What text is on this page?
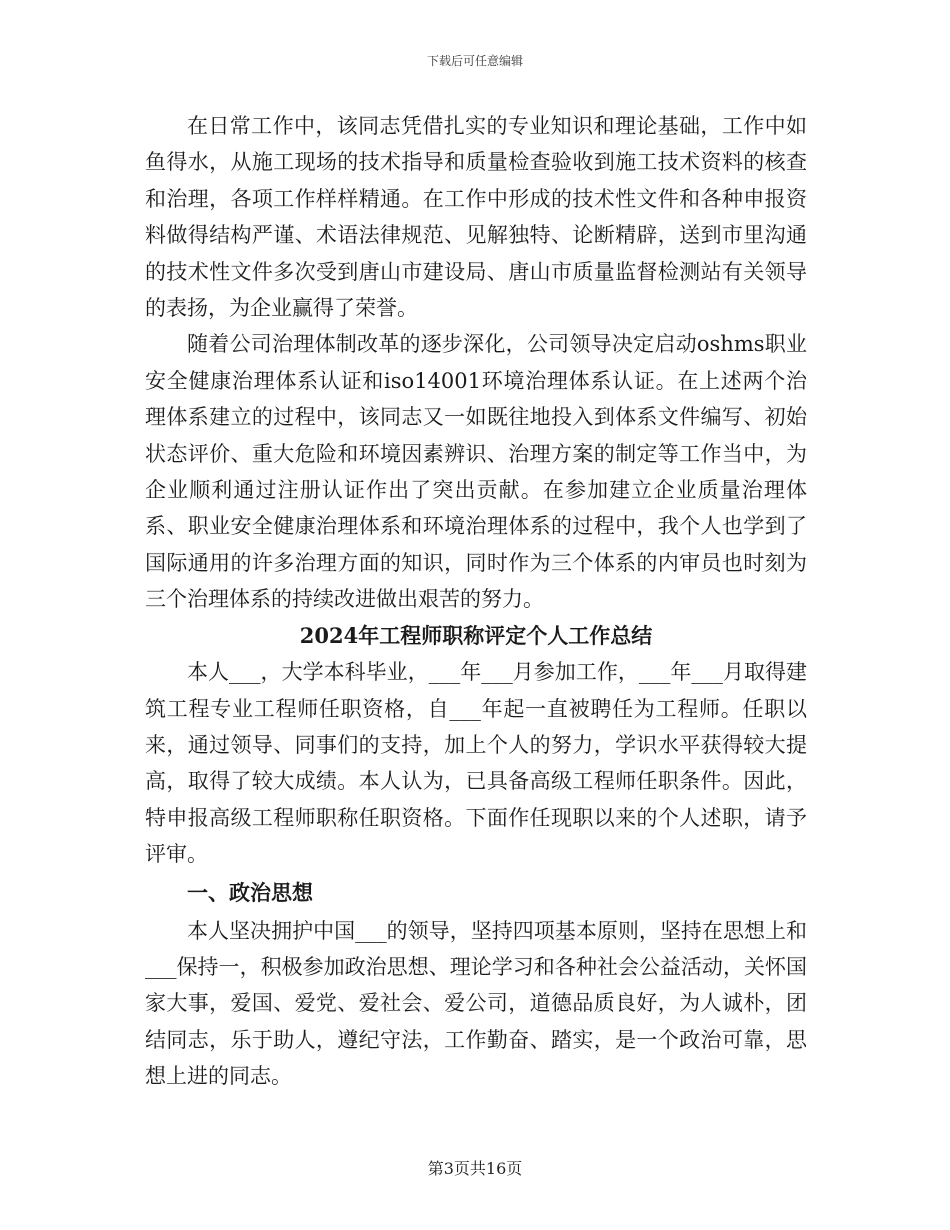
下载后可任意编辑

在日常工作中，该同志凭借扎实的专业知识和理论基础，工作中如鱼得水，从施工现场的技术指导和质量检查验收到施工技术资料的核查和治理，各项工作样样精通。在工作中形成的技术性文件和各种申报资料做得结构严谨、术语法律规范、见解独特、论断精辟，送到市里沟通的技术性文件多次受到唐山市建设局、唐山市质量监督检测站有关领导的表扬，为企业赢得了荣誉。

随着公司治理体制改革的逐步深化，公司领导决定启动oshms职业安全健康治理体系认证和iso14001环境治理体系认证。在上述两个治理体系建立的过程中，该同志又一如既往地投入到体系文件编写、初始状态评价、重大危险和环境因素辨识、治理方案的制定等工作当中，为企业顺利通过注册认证作出了突出贡献。在参加建立企业质量治理体系、职业安全健康治理体系和环境治理体系的过程中，我个人也学到了国际通用的许多治理方面的知识，同时作为三个体系的内审员也时刻为三个治理体系的持续改进做出艰苦的努力。

2024年工程师职称评定个人工作总结

本人___，大学本科毕业，___年___月参加工作，___年___月取得建筑工程专业工程师任职资格，自___年起一直被聘任为工程师。任职以来，通过领导、同事们的支持，加上个人的努力，学识水平获得较大提高，取得了较大成绩。本人认为，已具备高级工程师任职条件。因此，特申报高级工程师职称任职资格。下面作任现职以来的个人述职，请予评审。

一、政治思想

本人坚决拥护中国___的领导，坚持四项基本原则，坚持在思想上和___保持一，积极参加政治思想、理论学习和各种社会公益活动，关怀国家大事，爱国、爱党、爱社会、爱公司，道德品质良好，为人诚朴，团结同志，乐于助人，遵纪守法，工作勤奋、踏实，是一个政治可靠，思想上进的同志。

第3页共16页
